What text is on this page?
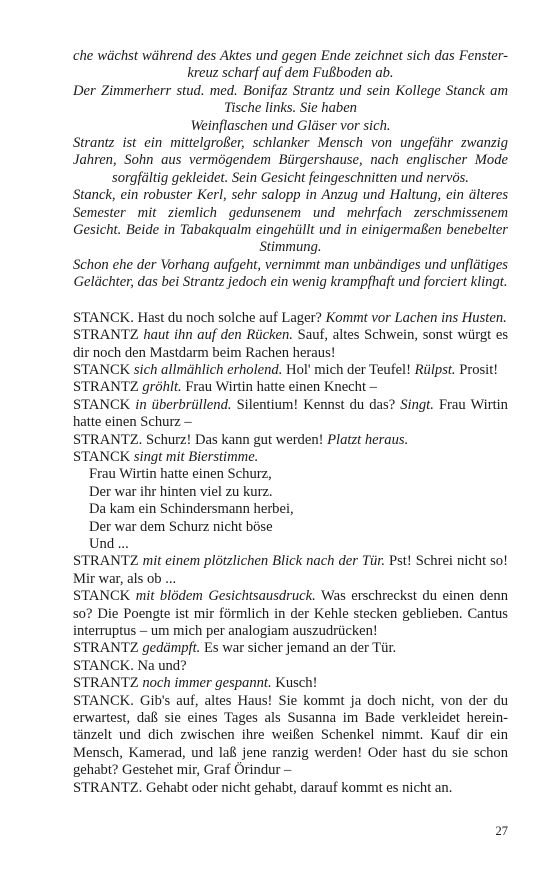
che wächst während des Aktes und gegen Ende zeichnet sich das Fenster-kreuz scharf auf dem Fußboden ab.

Der Zimmerherr stud. med. Bonifaz Strantz und sein Kollege Stanck am Tische links. Sie haben

Weinflaschen und Gläser vor sich.

Strantz ist ein mittelgroßer, schlanker Mensch von ungefähr zwanzig Jahren, Sohn aus vermögendem Bürgershause, nach englischer Mode sorgfältig gekleidet. Sein Gesicht feingeschnitten und nervös.

Stanck, ein robuster Kerl, sehr salopp in Anzug und Haltung, ein älteres Semester mit ziemlich gedunsenem und mehrfach zerschmissenem Gesicht. Beide in Tabakqualm eingehüllt und in einigermaßen benebelter Stimmung.

Schon ehe der Vorhang aufgeht, vernimmt man unbändiges und unflätiges Gelächter, das bei Strantz jedoch ein wenig krampfhaft und forciert klingt.

STANCK. Hast du noch solche auf Lager? Kommt vor Lachen ins Husten.

STRANTZ haut ihn auf den Rücken. Sauf, altes Schwein, sonst würgt es dir noch den Mastdarm beim Rachen heraus!

STANCK sich allmählich erholend. Hol' mich der Teufel! Rülpst. Prosit!

STRANTZ gröhlt. Frau Wirtin hatte einen Knecht –

STANCK in überbrüllend. Silentium! Kennst du das? Singt. Frau Wirtin hatte einen Schurz –

STRANTZ. Schurz! Das kann gut werden! Platzt heraus.

STANCK singt mit Bierstimme.

Frau Wirtin hatte einen Schurz,
Der war ihr hinten viel zu kurz.
Da kam ein Schindersmann herbei,
Der war dem Schurz nicht böse
Und ...

STRANTZ mit einem plötzlichen Blick nach der Tür. Pst! Schrei nicht so! Mir war, als ob ...

STANCK mit blödem Gesichtsausdruck. Was erschreckst du einen denn so? Die Poengte ist mir förmlich in der Kehle stecken geblieben. Cantus interruptus – um mich per analogiam auszudrücken!

STRANTZ gedämpft. Es war sicher jemand an der Tür.

STANCK. Na und?

STRANTZ noch immer gespannt. Kusch!

STANCK. Gib's auf, altes Haus! Sie kommt ja doch nicht, von der du erwartest, daß sie eines Tages als Susanna im Bade verkleidet herein-tänzelt und dich zwischen ihre weißen Schenkel nimmt. Kauf dir ein Mensch, Kamerad, und laß jene ranzig werden! Oder hast du sie schon gehabt? Gestehet mir, Graf Örindur –

STRANTZ. Gehabt oder nicht gehabt, darauf kommt es nicht an.

27
